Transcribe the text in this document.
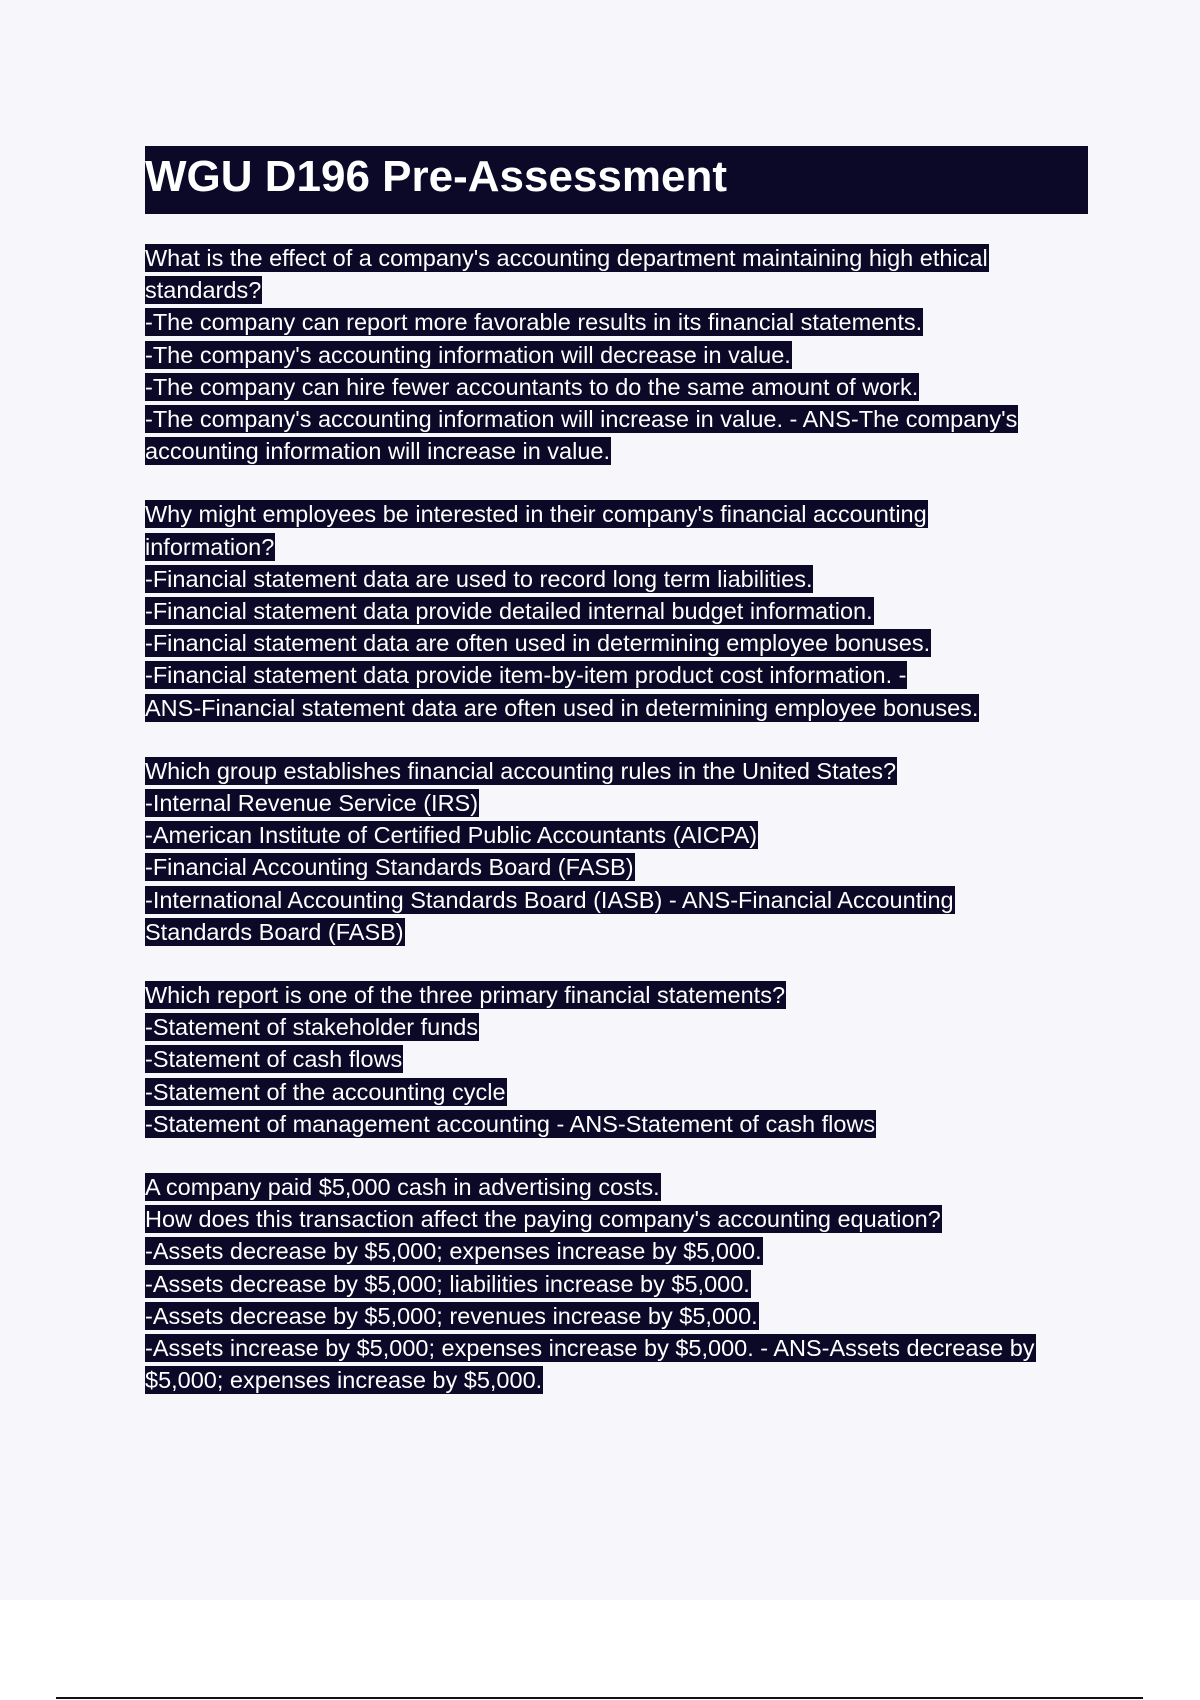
WGU D196 Pre-Assessment
What is the effect of a company's accounting department maintaining high ethical
standards?
-The company can report more favorable results in its financial statements.
-The company's accounting information will decrease in value.
-The company can hire fewer accountants to do the same amount of work.
-The company's accounting information will increase in value. - ANS-The company's
accounting information will increase in value.
Why might employees be interested in their company's financial accounting
information?
-Financial statement data are used to record long term liabilities.
-Financial statement data provide detailed internal budget information.
-Financial statement data are often used in determining employee bonuses.
-Financial statement data provide item-by-item product cost information. -
ANS-Financial statement data are often used in determining employee bonuses.
Which group establishes financial accounting rules in the United States?
-Internal Revenue Service (IRS)
-American Institute of Certified Public Accountants (AICPA)
-Financial Accounting Standards Board (FASB)
-International Accounting Standards Board (IASB) - ANS-Financial Accounting
Standards Board (FASB)
Which report is one of the three primary financial statements?
-Statement of stakeholder funds
-Statement of cash flows
-Statement of the accounting cycle
-Statement of management accounting - ANS-Statement of cash flows
A company paid $5,000 cash in advertising costs.
How does this transaction affect the paying company's accounting equation?
-Assets decrease by $5,000; expenses increase by $5,000.
-Assets decrease by $5,000; liabilities increase by $5,000.
-Assets decrease by $5,000; revenues increase by $5,000.
-Assets increase by $5,000; expenses increase by $5,000. - ANS-Assets decrease by
$5,000; expenses increase by $5,000.
